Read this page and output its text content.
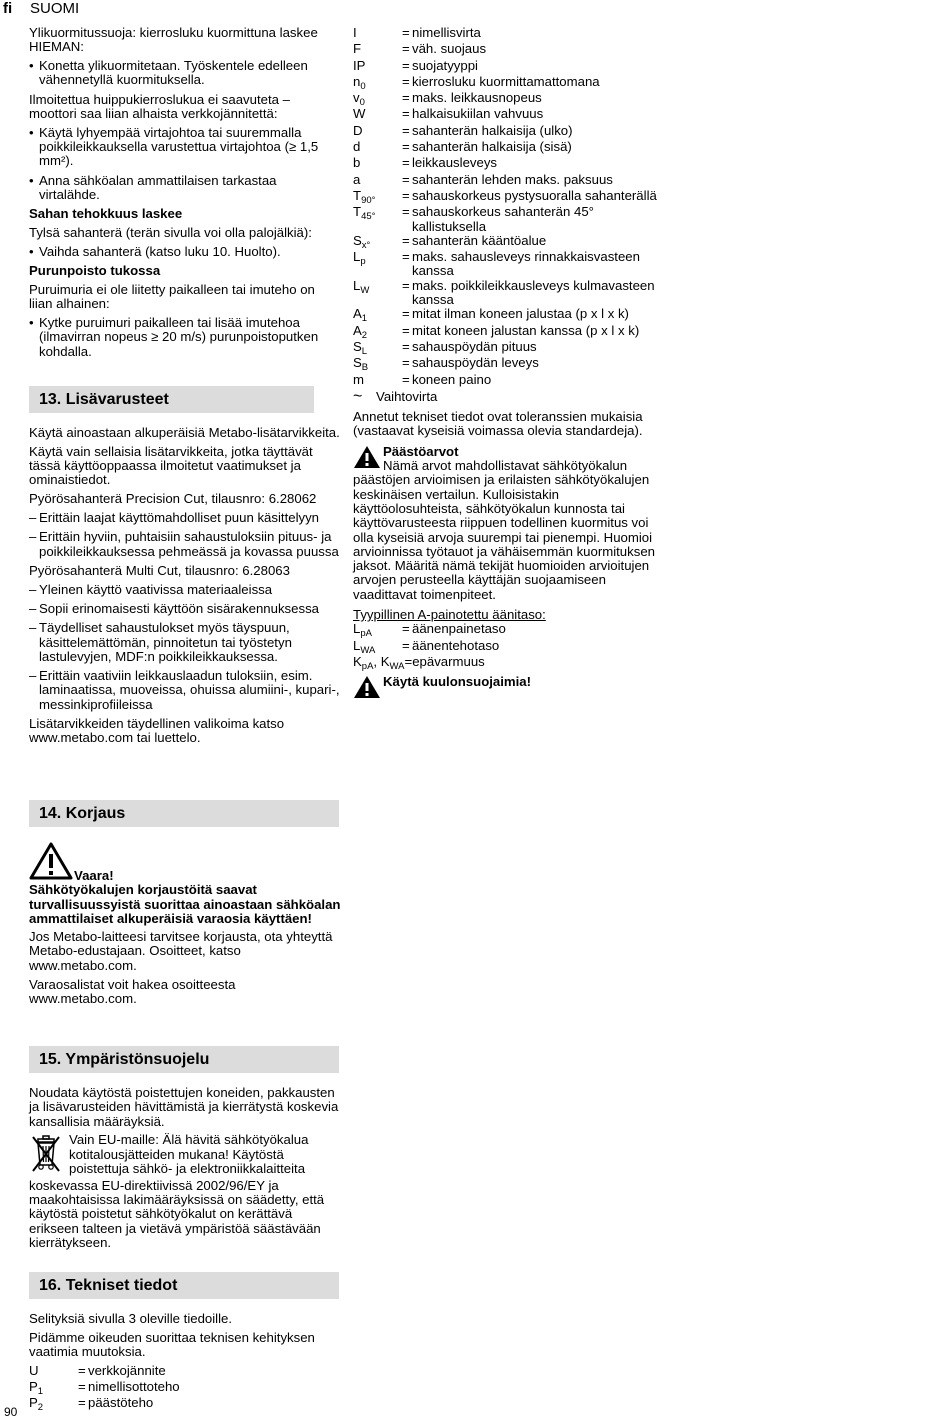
fi SUOMI

Ylikuormitussuoja: kierrosluku kuormittuna laskee HIEMAN:

• Konetta ylikuormitetaan. Työskentele edelleen vähennetyllä kuormituksella.

Ilmoitettua huippukierroslukua ei saavuteta – moottori saa liian alhaista verkkojännitettä:

• Käytä lyhyempää virtajohtoa tai suuremmalla poikkileikkauksella varustettua virtajohtoa (≥ 1,5 mm²).
• Anna sähköalan ammattilaisen tarkastaa virtalähde.

Sahan tehokkuus laskee

Tylsä sahanterä (terän sivulla voi olla palojälkiä):

• Vaihda sahanterä (katso luku 10. Huolto).

Purunpoisto tukossa

Puruimuria ei ole liitetty paikalleen tai imuteho on liian alhainen:

• Kytke puruimuri paikalleen tai lisää imutehoa (ilmavirran nopeus ≥ 20 m/s) purunpoistoputken kohdalla.
13. Lisävarusteet

Käytä ainoastaan alkuperäisiä Metabo-lisätarvikkeita.

Käytä vain sellaisia lisätarvikkeita, jotka täyttävät tässä käyttöoppaassa ilmoitetut vaatimukset ja ominaistiedot.

Pyörösahanterä Precision Cut, tilausnro: 6.28062

– Erittäin laajat käyttömahdolliset puun käsittelyyn
– Erittäin hyviin, puhtaisiin sahaustuloksiin pituus- ja poikkileikkauksessa pehmeässä ja kovassa puussa

Pyörösahanterä Multi Cut, tilausnro: 6.28063

– Yleinen käyttö vaativissa materiaaleissa
– Sopii erinomaisesti käyttöön sisärakennuksessa
– Täydelliset sahaustulokset myös täyspuun, käsittelemättömän, pinnoitetun tai työstetyn lastulevyjen, MDF:n poikkileikkauksessa.
– Erittäin vaativiin leikkauslaadun tuloksiin, esim. laminaatissa, muoveissa, ohuissa alumiini-, kupari-, messinkiprofiileissa

Lisätarvikkeiden täydellinen valikoima katso www.metabo.com tai luettelo.

14. Korjaus
Vaara!
Sähkötyökalujen korjaustöitä saavat turvallisuussyistä suorittaa ainoastaan sähköalan ammattilaiset alkuperäisiä varaosia käyttäen!

Jos Metabo-laitteesi tarvitsee korjausta, ota yhteyttä Metabo-edustajaan. Osoitteet, katso www.metabo.com.

Varaosalistat voit hakea osoitteesta www.metabo.com.

15. Ympäristönsuojelu

Noudata käytöstä poistettujen koneiden, pakkausten ja lisävarusteiden hävittämistä ja kierrätystä koskevia kansallisia määräyksiä.

Vain EU-maille: Älä hävitä sähkötyökalua kotitalousjätteiden mukana! Käytöstä poistettuja sähkö- ja elektroniikkalaitteita
koskevassa EU-direktiivissä 2002/96/EY ja maakohtaisissa lakimääräyksissä on säädetty, että käytöstä poistetut sähkötyökalut on kerättävä erikseen talteen ja vietävä ympäristöä säästävään kierrätykseen.
16. Tekniset tiedot

Selityksiä sivulla 3 oleville tiedoille.

Pidämme oikeuden suorittaa teknisen kehityksen vaatimia muutoksia.

U	= verkkojännite
$P_1$	= nimellisottoteho
$P_2$	= päästöteho
I	= nimellisvirta
F	= väh. suojaus
IP	= suojatyyppi
$n_0$	= kierrosluku kuormittamattomana
$v_0$	= maks. leikkausnopeus
W	= halkaisukiilan vahvuus
D	= sahanterän halkaisija (ulko)
d	= sahanterän halkaisija (sisä)
b	= leikkausleveys
a	= sahanterän lehden maks. paksuus
$T_{90^\circ}$	= sahauskorkeus pystysuoralla sahanterällä
$T_{45^\circ}$	= sahauskorkeus sahanterän 45° kallistuksella
$S_{x^\circ}$	= sahanterän kääntöalue
$L_p$	= maks. sahausleveys rinnakkaisvasteen kanssa
$L_W$	= maks. poikkileikkausleveys kulmavasteen kanssa
$A_1$	= mitat ilman koneen jalustaa (p x l x k)
$A_2$	= mitat koneen jalustan kanssa (p x l x k)
$S_L$	= sahauspöydän pituus
$S_B$	= sahauspöydän leveys
m	= koneen paino
~	Vaihtovirta

Annetut tekniset tiedot ovat toleranssien mukaisia (vastaavat kyseisiä voimassa olevia standardeja).

Päästöarvot
Nämä arvot mahdollistavat sähkötyökalun
päästöjen arvioimisen ja erilaisten sähkötyökalujen keskinäisen vertailun. Kulloisistakin käyttöolosuhteista, sähkötyökalun kunnosta tai käyttövarusteesta riippuen todellinen kuormitus voi olla kyseisiä arvoja suurempi tai pienempi. Huomioi arvioinnissa työtauot ja vähäisemmän kuormituksen jaksot. Määritä nämä tekijät huomioiden arvioitujen arvojen perusteella käyttäjän suojaamiseen vaadittavat toimenpiteet.
Tyypillinen A-painotettu äänitaso:
$L_{pA}$	= äänenpainetaso
$L_{WA}$	= äänentehotaso
$K_{pA}$, $K_{WA}=epävarmuus$
Käytä kuulonsuojaimia!
90
